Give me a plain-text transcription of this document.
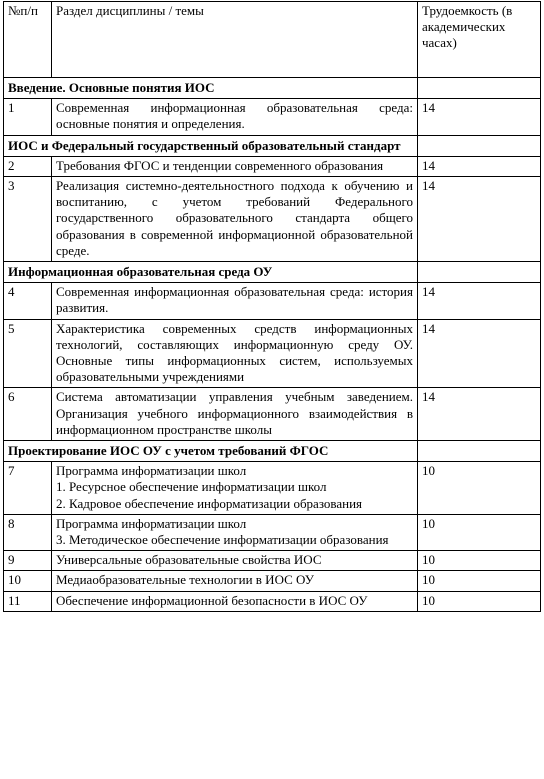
№п/п	Раздел дисциплины / темы	Трудоемкость (в академических часах)
Введение. Основные понятия ИОС		
1	Современная информационная образовательная среда: основные понятия и определения.	14
ИОС и Федеральный государственный образовательный стандарт		
2	Требования ФГОС и тенденции современного образования	14
3	Реализация системно-деятельностного подхода к обучению и воспитанию, с учетом требований Федерального государственного образовательного стандарта общего образования в современной информационной образовательной среде.	14
Информационная образовательная среда ОУ		
4	Современная информационная образовательная среда: история развития.	14
5	Характеристика современных средств информационных технологий, составляющих информационную среду ОУ. Основные типы информационных систем, используемых образовательными учреждениями	14
6	Система автоматизации управления учебным заведением. Организация учебного информационного взаимодействия в информационном пространстве школы	14
Проектирование ИОС ОУ с учетом требований ФГОС		
7	Программа информатизации школ
1. Ресурсное обеспечение информатизации школ
2. Кадровое обеспечение информатизации образования	10
8	Программа информатизации школ
3. Методическое обеспечение информатизации образования	10
9	Универсальные образовательные свойства ИОС	10
10	Медиаобразовательные технологии в ИОС ОУ	10
11	Обеспечение информационной безопасности в ИОС ОУ	10
